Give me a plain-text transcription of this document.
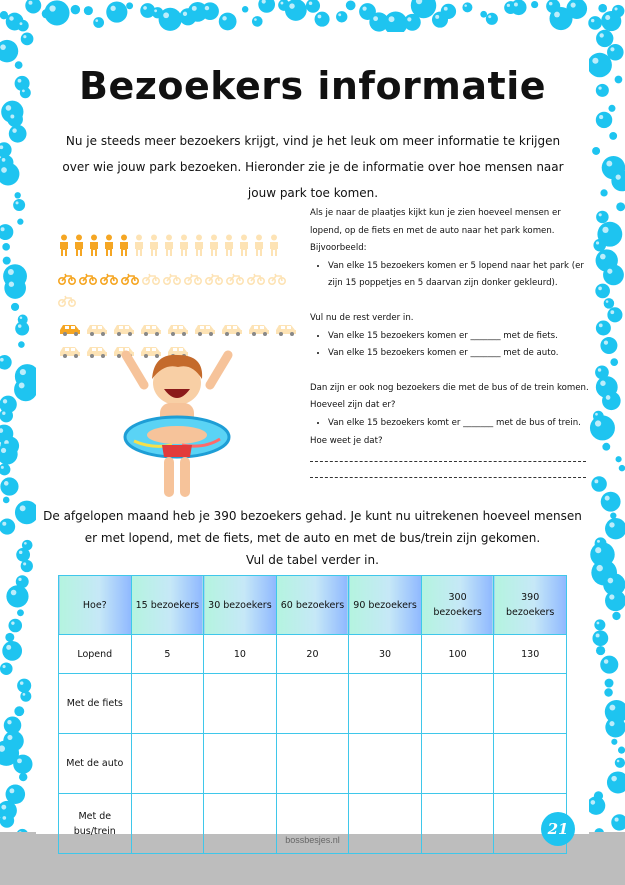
Bezoekers informatie

Nu je steeds meer bezoekers krijgt, vind je het leuk om meer informatie te krijgen over wie jouw park bezoeken. Hieronder zie je de informatie over hoe mensen naar jouw park toe komen.

Als je naar de plaatjes kijkt kun je zien hoeveel mensen er lopend, op de fiets en met de auto naar het park komen.

Bijvoorbeeld:

• Van elke 15 bezoekers komen er 5 lopend naar het park (er zijn 15 poppetjes en 5 daarvan zijn donker gekleurd).

Vul nu de rest verder in.

• Van elke 15 bezoekers komen er _______ met de fiets.
• Van elke 15 bezoekers komen er _______ met de auto.

Dan zijn er ook nog bezoekers die met de bus of de trein komen. Hoeveel zijn dat er?

• Van elke 15 bezoekers komt er _______ met de bus of trein.

Hoe weet je dat?

De afgelopen maand heb je 390 bezoekers gehad. Je kunt nu uitrekenen hoeveel mensen er met lopend, met de fiets, met de auto en met de bus/trein zijn gekomen.
Vul de tabel verder in.

Hoe?	15 bezoekers	30 bezoekers	60 bezoekers	90 bezoekers	300 bezoekers	390 bezoekers
Lopend	5	10	20	30	100	130
Met de fiets						
Met de auto						
Met de bus/trein						
bossbesjes.nl
21
